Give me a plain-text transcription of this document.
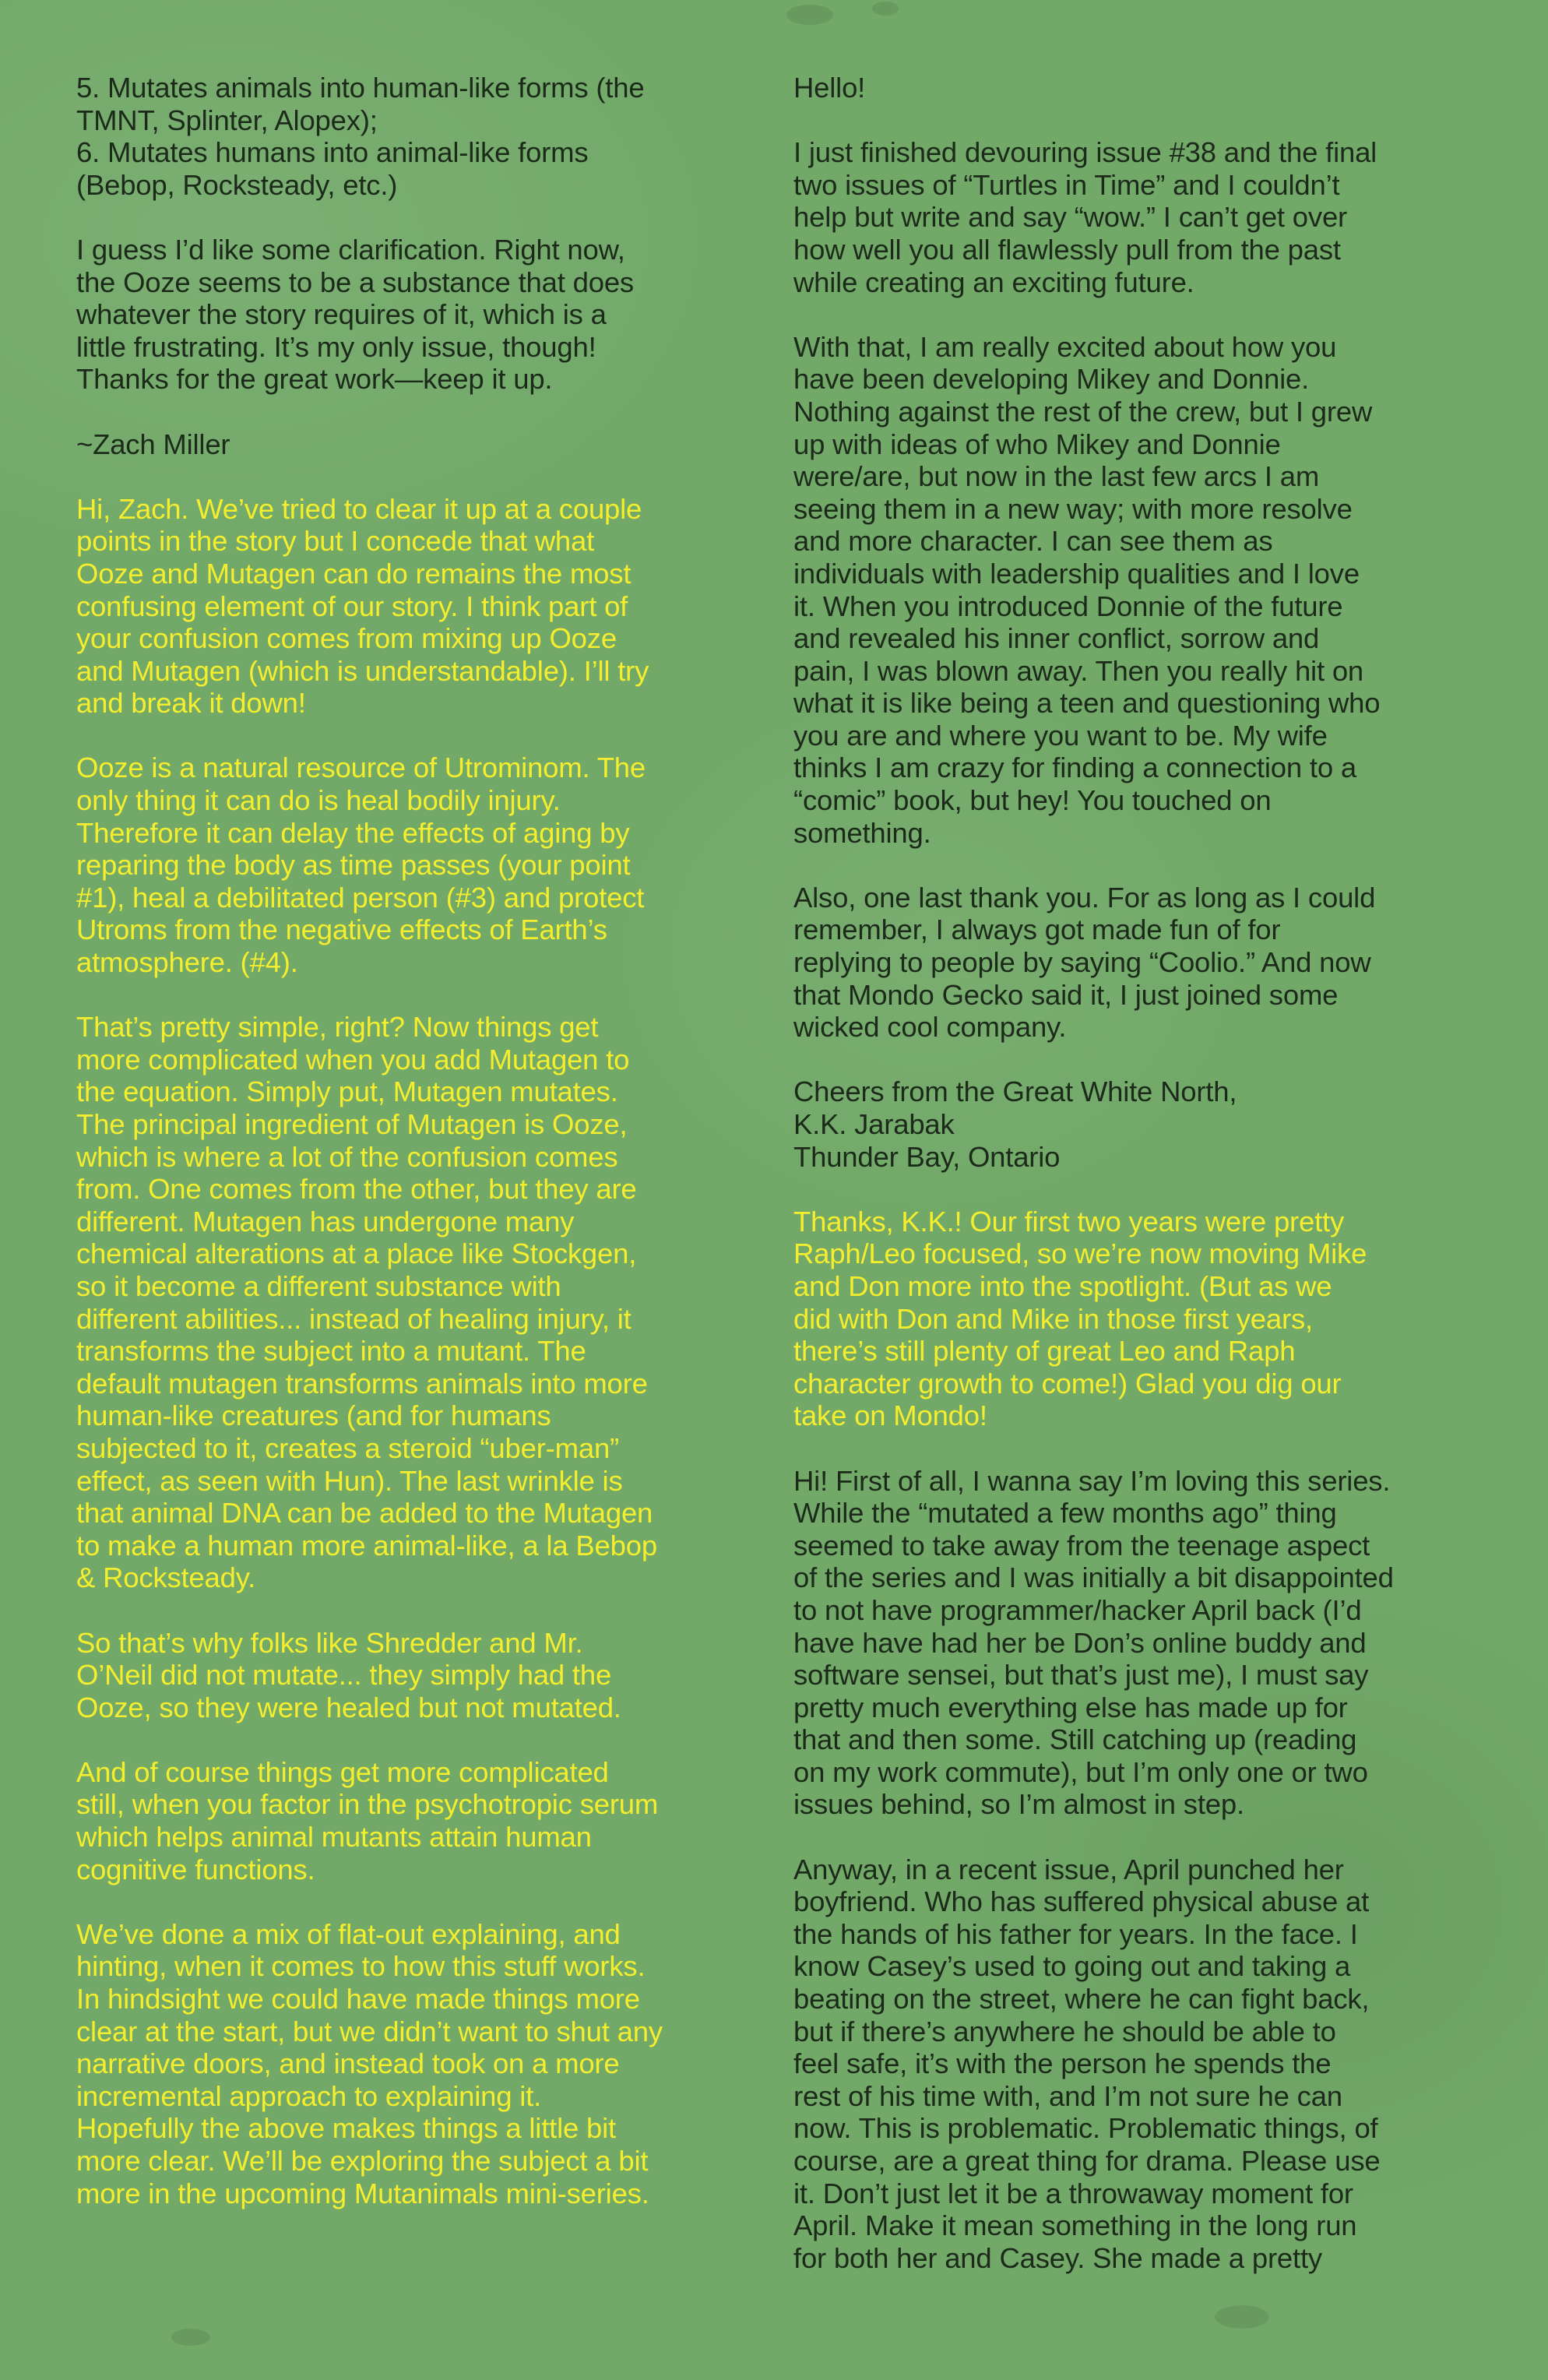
5. Mutates animals into human-like forms (the
TMNT, Splinter, Alopex);
6. Mutates humans into animal-like forms
(Bebop, Rocksteady, etc.)

I guess I’d like some clarification. Right now,
the Ooze seems to be a substance that does
whatever the story requires of it, which is a
little frustrating. It’s my only issue, though!
Thanks for the great work—keep it up.

~Zach Miller

Hi, Zach. We’ve tried to clear it up at a couple
points in the story but I concede that what
Ooze and Mutagen can do remains the most
confusing element of our story. I think part of
your confusion comes from mixing up Ooze
and Mutagen (which is understandable). I’ll try
and break it down!

Ooze is a natural resource of Utrominom. The
only thing it can do is heal bodily injury.
Therefore it can delay the effects of aging by
reparing the body as time passes (your point
#1), heal a debilitated person (#3) and protect
Utroms from the negative effects of Earth’s
atmosphere. (#4).

That’s pretty simple, right? Now things get
more complicated when you add Mutagen to
the equation. Simply put, Mutagen mutates.
The principal ingredient of Mutagen is Ooze,
which is where a lot of the confusion comes
from. One comes from the other, but they are
different. Mutagen has undergone many
chemical alterations at a place like Stockgen,
so it become a different substance with
different abilities... instead of healing injury, it
transforms the subject into a mutant. The
default mutagen transforms animals into more
human-like creatures (and for humans
subjected to it, creates a steroid “uber-man”
effect, as seen with Hun). The last wrinkle is
that animal DNA can be added to the Mutagen
to make a human more animal-like, a la Bebop
& Rocksteady.

So that’s why folks like Shredder and Mr.
O’Neil did not mutate... they simply had the
Ooze, so they were healed but not mutated.

And of course things get more complicated
still, when you factor in the psychotropic serum
which helps animal mutants attain human
cognitive functions.

We’ve done a mix of flat-out explaining, and
hinting, when it comes to how this stuff works.
In hindsight we could have made things more
clear at the start, but we didn’t want to shut any
narrative doors, and instead took on a more
incremental approach to explaining it.
Hopefully the above makes things a little bit
more clear. We’ll be exploring the subject a bit
more in the upcoming Mutanimals mini-series.

Hello!

I just finished devouring issue #38 and the final
two issues of “Turtles in Time” and I couldn’t
help but write and say “wow.” I can’t get over
how well you all flawlessly pull from the past
while creating an exciting future.

With that, I am really excited about how you
have been developing Mikey and Donnie.
Nothing against the rest of the crew, but I grew
up with ideas of who Mikey and Donnie
were/are, but now in the last few arcs I am
seeing them in a new way; with more resolve
and more character. I can see them as
individuals with leadership qualities and I love
it. When you introduced Donnie of the future
and revealed his inner conflict, sorrow and
pain, I was blown away. Then you really hit on
what it is like being a teen and questioning who
you are and where you want to be. My wife
thinks I am crazy for finding a connection to a
“comic” book, but hey! You touched on
something.

Also, one last thank you. For as long as I could
remember, I always got made fun of for
replying to people by saying “Coolio.” And now
that Mondo Gecko said it, I just joined some
wicked cool company.

Cheers from the Great White North,
K.K. Jarabak
Thunder Bay, Ontario

Thanks, K.K.! Our first two years were pretty
Raph/Leo focused, so we’re now moving Mike
and Don more into the spotlight. (But as we
did with Don and Mike in those first years,
there’s still plenty of great Leo and Raph
character growth to come!) Glad you dig our
take on Mondo!

Hi! First of all, I wanna say I’m loving this series.
While the “mutated a few months ago” thing
seemed to take away from the teenage aspect
of the series and I was initially a bit disappointed
to not have programmer/hacker April back (I’d
have have had her be Don’s online buddy and
software sensei, but that’s just me), I must say
pretty much everything else has made up for
that and then some. Still catching up (reading
on my work commute), but I’m only one or two
issues behind, so I’m almost in step.

Anyway, in a recent issue, April punched her
boyfriend. Who has suffered physical abuse at
the hands of his father for years. In the face. I
know Casey’s used to going out and taking a
beating on the street, where he can fight back,
but if there’s anywhere he should be able to
feel safe, it’s with the person he spends the
rest of his time with, and I’m not sure he can
now. This is problematic. Problematic things, of
course, are a great thing for drama. Please use
it. Don’t just let it be a throwaway moment for
April. Make it mean something in the long run
for both her and Casey. She made a pretty
